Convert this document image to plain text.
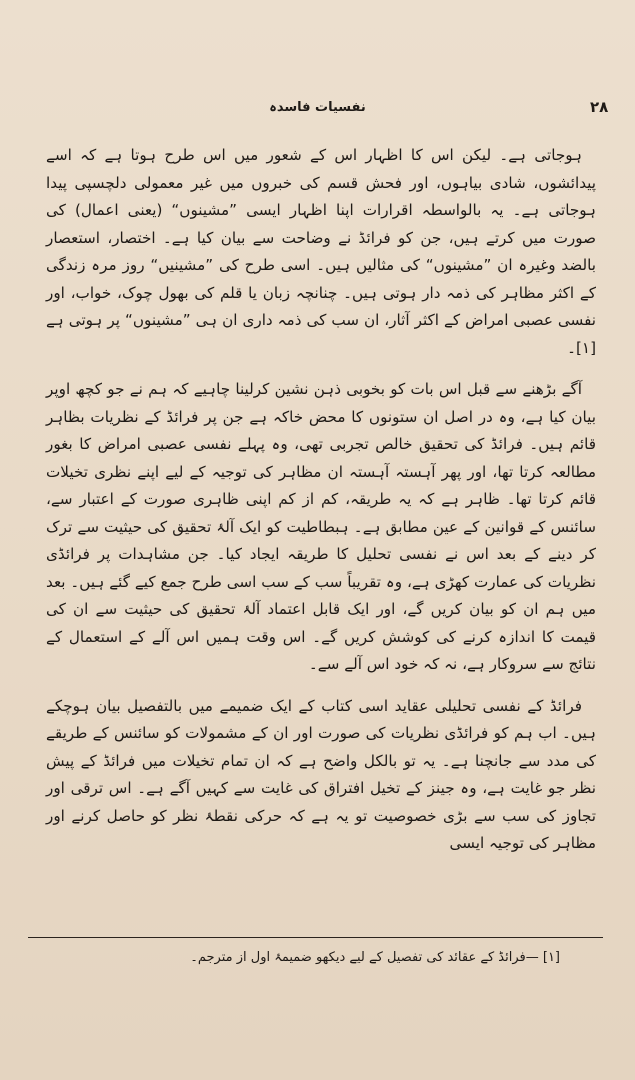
نفسیات فاسدہ	۲۸

ہوجاتی ہے۔ لیکن اس کا اظہار اس کے شعور میں اس طرح ہوتا ہے کہ اسے پیدائشوں، شادی بیاہوں، اور فحش قسم کی خبروں میں غیر معمولی دلچسپی پیدا ہوجاتی ہے۔ یہ بالواسطہ اقرارات اپنا اظہار ایسی ”مشینوں“ (یعنی اعمال) کی صورت میں کرتے ہیں، جن کو فرائڈ نے وضاحت سے بیان کیا ہے۔ اختصار، استعصار بالضد وغیرہ ان ”مشینوں“ کی مثالیں ہیں۔ اسی طرح کی ”مشینیں“ روز مرہ زندگی کے اکثر مظاہر کی ذمہ دار ہوتی ہیں۔ چنانچہ زبان یا قلم کی بھول چوک، خواب، اور نفسی عصبی امراض کے اکثر آثار، ان سب کی ذمہ داری ان ہی ”مشینوں“ پر ہوتی ہے [۱]۔

آگے بڑھنے سے قبل اس بات کو بخوبی ذہن نشین کرلینا چاہیے کہ ہم نے جو کچھ اوپر بیان کیا ہے، وہ در اصل ان ستونوں کا محض خاکہ ہے جن پر فرائڈ کے نظریات بظاہر قائم ہیں۔ فرائڈ کی تحقیق خالص تجربی تھی، وہ پہلے نفسی عصبی امراض کا بغور مطالعہ کرتا تھا، اور پھر آہستہ آہستہ ان مظاہر کی توجیہ کے لیے اپنے نظری تخیلات قائم کرتا تھا۔ ظاہر ہے کہ یہ طریقہ، کم از کم اپنی ظاہری صورت کے اعتبار سے، سائنس کے قوانین کے عین مطابق ہے۔ ہبطاطیت کو ایک آلۂ تحقیق کی حیثیت سے ترک کر دینے کے بعد اس نے نفسی تحلیل کا طریقہ ایجاد کیا۔ جن مشاہدات پر فرائڈی نظریات کی عمارت کھڑی ہے، وہ تقریباً سب کے سب اسی طرح جمع کیے گئے ہیں۔ بعد میں ہم ان کو بیان کریں گے، اور ایک قابل اعتماد آلۂ تحقیق کی حیثیت سے ان کی قیمت کا اندازہ کرنے کی کوشش کریں گے۔ اس وقت ہمیں اس آلے کے استعمال کے نتائج سے سروکار ہے، نہ کہ خود اس آلے سے۔

فرائڈ کے نفسی تحلیلی عقاید اسی کتاب کے ایک ضمیمے میں بالتفصیل بیان ہوچکے ہیں۔ اب ہم کو فرائڈی نظریات کی صورت اور ان کے مشمولات کو سائنس کے طریقے کی مدد سے جانچنا ہے۔ یہ تو بالکل واضح ہے کہ ان تمام تخیلات میں فرائڈ کے پیش نظر جو غایت ہے، وہ جینز کے تخیل افتراق کی غایت سے کہیں آگے ہے۔ اس ترقی اور تجاوز کی سب سے بڑی خصوصیت تو یہ ہے کہ حرکی نقطۂ نظر کو حاصل کرنے اور مظاہر کی توجیہ ایسی

[۱] —فرائڈ کے عقائد کی تفصیل کے لیے دیکھو ضمیمۂ اول از مترجم۔
